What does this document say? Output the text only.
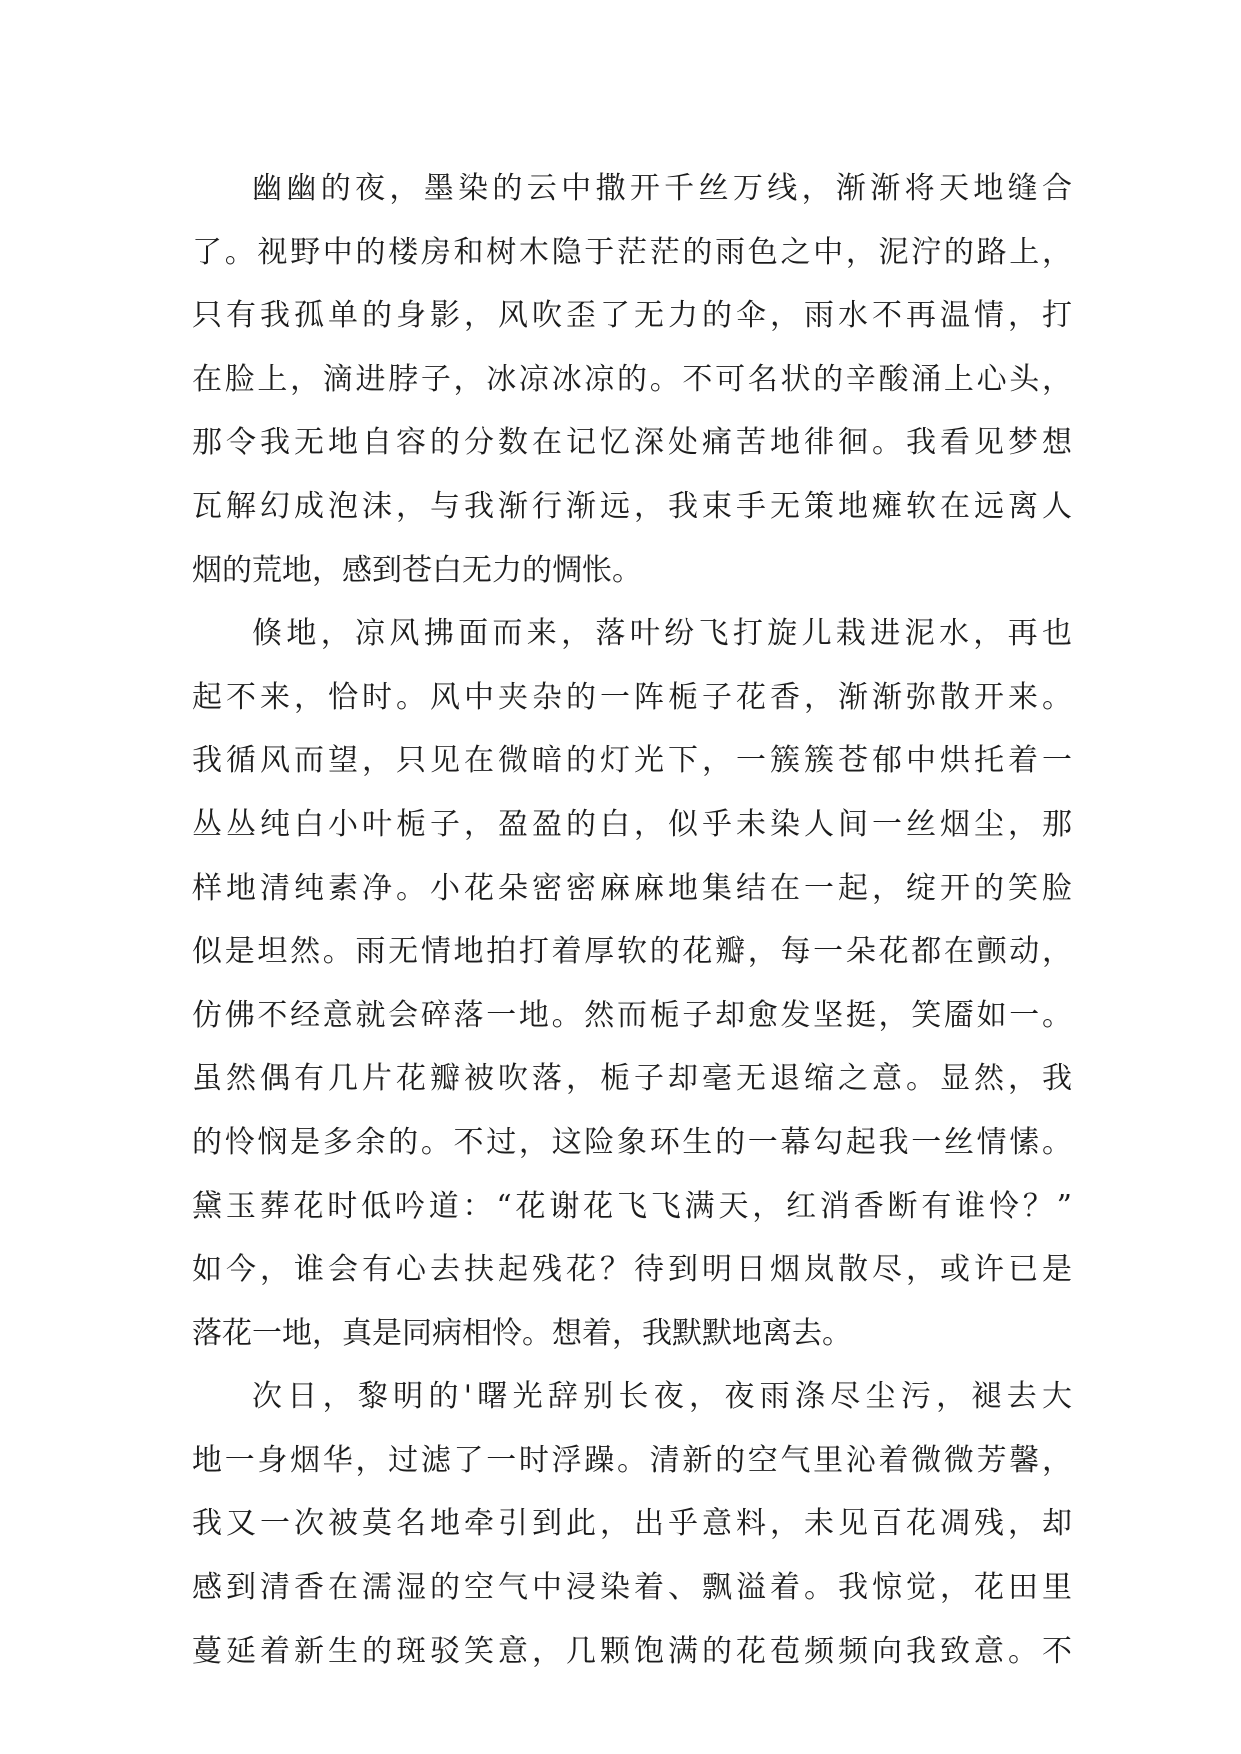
幽幽的夜，墨染的云中撒开千丝万线，渐渐将天地缝合
了。视野中的楼房和树木隐于茫茫的雨色之中，泥泞的路上，
只有我孤单的身影，风吹歪了无力的伞，雨水不再温情，打
在脸上，滴进脖子，冰凉冰凉的。不可名状的辛酸涌上心头，
那令我无地自容的分数在记忆深处痛苦地徘徊。我看见梦想
瓦解幻成泡沫，与我渐行渐远，我束手无策地瘫软在远离人
烟的荒地，感到苍白无力的惆怅。
倏地，凉风拂面而来，落叶纷飞打旋儿栽进泥水，再也
起不来，恰时。风中夹杂的一阵栀子花香，渐渐弥散开来。
我循风而望，只见在微暗的灯光下，一簇簇苍郁中烘托着一
丛丛纯白小叶栀子，盈盈的白，似乎未染人间一丝烟尘，那
样地清纯素净。小花朵密密麻麻地集结在一起，绽开的笑脸
似是坦然。雨无情地拍打着厚软的花瓣，每一朵花都在颤动，
仿佛不经意就会碎落一地。然而栀子却愈发坚挺，笑靥如一。
虽然偶有几片花瓣被吹落，栀子却毫无退缩之意。显然，我
的怜悯是多余的。不过，这险象环生的一幕勾起我一丝情愫。
黛玉葬花时低吟道：“花谢花飞飞满天，红消香断有谁怜？”
如今，谁会有心去扶起残花？待到明日烟岚散尽，或许已是
落花一地，真是同病相怜。想着，我默默地离去。
次日，黎明的'曙光辞别长夜，夜雨涤尽尘污，褪去大
地一身烟华，过滤了一时浮躁。清新的空气里沁着微微芳馨，
我又一次被莫名地牵引到此，出乎意料，未见百花凋残，却
感到清香在濡湿的空气中浸染着、飘溢着。我惊觉，花田里
蔓延着新生的斑驳笑意，几颗饱满的花苞频频向我致意。不
